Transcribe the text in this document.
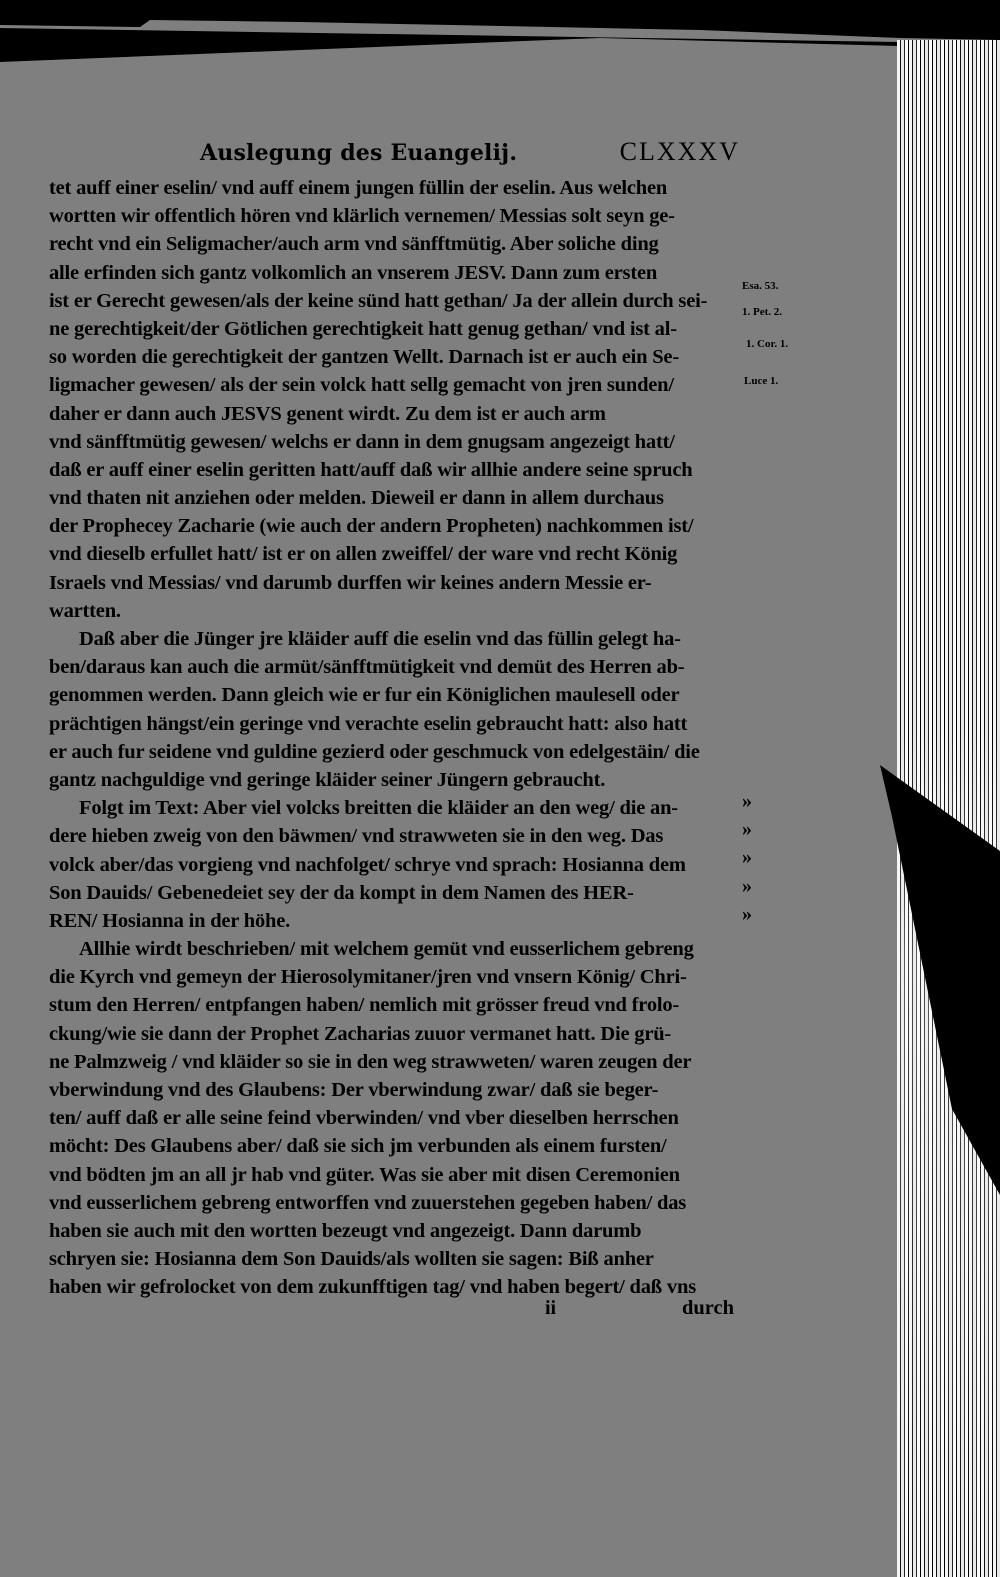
Auslegung des Euangelij.	CLXXXV
tet auff einer eselin/ vnd auff einem jungen füllin der eselin. Aus welchen
wortten wir offentlich hören vnd klärlich vernemen/ Messias solt seyn ge-
recht vnd ein Seligmacher/auch arm vnd sänfftmütig. Aber soliche ding
alle erfinden sich gantz volkomlich an vnserem JESV. Dann zum ersten
ist er Gerecht gewesen/als der keine sünd hatt gethan/ Ja der allein durch sei-
ne gerechtigkeit/der Götlichen gerechtigkeit hatt genug gethan/ vnd ist al-
so worden die gerechtigkeit der gantzen Wellt. Darnach ist er auch ein Se-
ligmacher gewesen/ als der sein volck hatt sellg gemacht von jren sunden/
daher er dann auch JESVS genent wirdt. Zu dem ist er auch arm
vnd sänfftmütig gewesen/ welchs er dann in dem gnugsam angezeigt hatt/
daß er auff einer eselin geritten hatt/auff daß wir allhie andere seine spruch
vnd thaten nit anziehen oder melden. Dieweil er dann in allem durchaus
der Prophecey Zacharie (wie auch der andern Propheten) nachkommen ist/
vnd dieselb erfullet hatt/ ist er on allen zweiffel/ der ware vnd recht König
Israels vnd Messias/ vnd darumb durffen wir keines andern Messie er-
wartten.
Daß aber die Jünger jre kläider auff die eselin vnd das füllin gelegt ha-
ben/daraus kan auch die armüt/sänfftmütigkeit vnd demüt des Herren ab-
genommen werden. Dann gleich wie er fur ein Königlichen maulesell oder
prächtigen hängst/ein geringe vnd verachte eselin gebraucht hatt: also hatt
er auch fur seidene vnd guldine gezierd oder geschmuck von edelgestäin/ die
gantz nachguldige vnd geringe kläider seiner Jüngern gebraucht.
Folgt im Text: Aber viel volcks breitten die kläider an den weg/ die an-
dere hieben zweig von den bäwmen/ vnd strawweten sie in den weg. Das
volck aber/das vorgieng vnd nachfolget/ schrye vnd sprach: Hosianna dem
Son Dauids/ Gebenedeiet sey der da kompt in dem Namen des HER-
REN/ Hosianna in der höhe.
Allhie wirdt beschrieben/ mit welchem gemüt vnd eusserlichem gebreng
die Kyrch vnd gemeyn der Hierosolymitaner/jren vnd vnsern König/ Chri-
stum den Herren/ entpfangen haben/ nemlich mit grösser freud vnd frolo-
ckung/wie sie dann der Prophet Zacharias zuuor vermanet hatt. Die grü-
ne Palmzweig / vnd kläider so sie in den weg strawweten/ waren zeugen der
vberwindung vnd des Glaubens: Der vberwindung zwar/ daß sie beger-
ten/ auff daß er alle seine feind vberwinden/ vnd vber dieselben herrschen
möcht: Des Glaubens aber/ daß sie sich jm verbunden als einem fursten/
vnd bödten jm an all jr hab vnd güter. Was sie aber mit disen Ceremonien
vnd eusserlichem gebreng entworffen vnd zuuerstehen gegeben haben/ das
haben sie auch mit den wortten bezeugt vnd angezeigt. Dann darumb
schryen sie: Hosianna dem Son Dauids/als wollten sie sagen: Biß anher
haben wir gefrolocket von dem zukunfftigen tag/ vnd haben begert/ daß vns
Esa. 53.
1. Pet. 2.
1. Cor. 1.
Luce 1.
»
»
»
»
»
ii	durch
